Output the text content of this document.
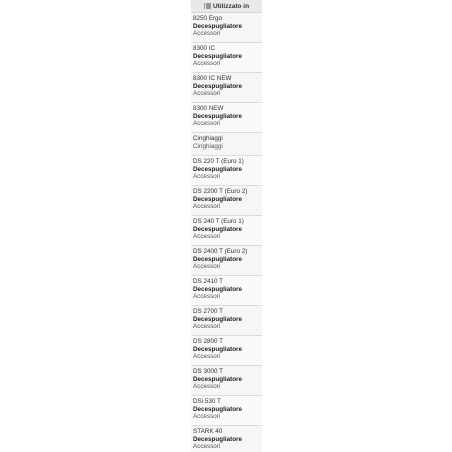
Utilizzato in
8250 Ergo
Decespugliatore
Accessori
8300 IC
Decespugliatore
Accessori
8300 IC NEW
Decespugliatore
Accessori
8300 NEW
Decespugliatore
Accessori
Cinghiaggi
Cinghiaggi
DS 220 T (Euro 1)
Decespugliatore
Accessori
DS 2200 T (Euro 2)
Decespugliatore
Accessori
DS 240 T (Euro 1)
Decespugliatore
Accessori
DS 2400 T (Euro 2)
Decespugliatore
Accessori
DS 2410 T
Decespugliatore
Accessori
DS 2700 T
Decespugliatore
Accessori
DS 2800 T
Decespugliatore
Accessori
DS 3000 T
Decespugliatore
Accessori
DSi 530 T
Decespugliatore
Accessori
STARK 40
Decespugliatore
Accessori
